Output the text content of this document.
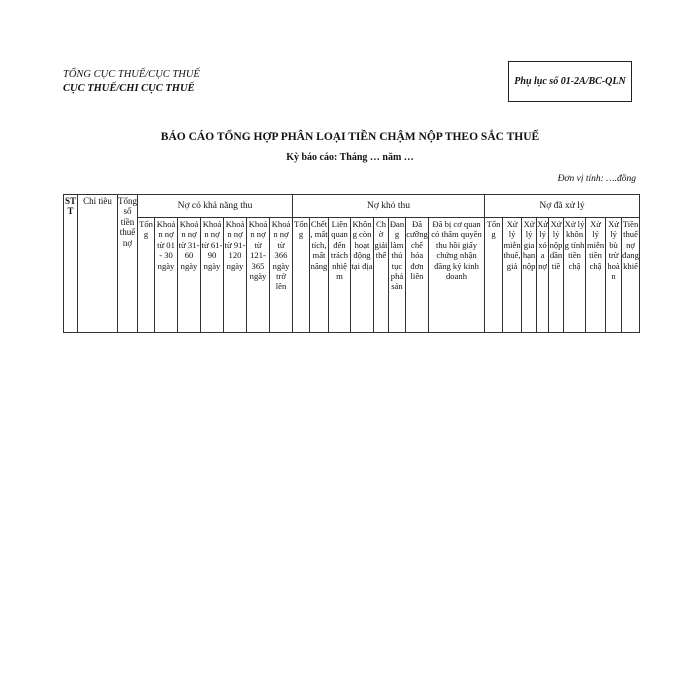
TỔNG CỤC THUẾ/CỤC THUẾ
CỤC THUẾ/CHI CỤC THUẾ
Phụ lục số 01-2A/BC-QLN
BÁO CÁO TỔNG HỢP PHÂN LOẠI TIỀN CHẬM NỘP THEO SẮC THUẾ
Kỳ báo cáo: Tháng … năm …
Đơn vị tính: ….đồng
STT	Chỉ tiêu	Tổng số tiền thuế nợ	Nợ có khả năng thu							Nợ khó thu								Nợ đã xử lý								
			Tổng	Khoản nợ từ 01 - 30 ngày	Khoản nợ từ 31- 60 ngày	Khoản nợ từ 61- 90 ngày	Khoản nợ từ 91- 120 ngày	Khoản nợ từ 121- 365 ngày	Khoản nợ từ 366 ngày trở lên	Tổng	Chết, mất tích, mất năng	Liên quan đến trách nhiệm	Không còn hoạt động tại địa	Chờ giải thể	Đang làm thủ tục phá sản	Đã cưỡng chế hóa đơn liên	Đã bị cơ quan có thẩm quyền thu hồi giấy chứng nhận đăng ký kinh doanh	Tổng	Xử lý miễn thuế, giả	Xử lý gia hạn nộp	Xử lý xóa nợ	Xử lý nộp dần tiề	Xử lý không tính tiền chậ	Xử lý miễn tiền chậ	Xử lý bù trừ hoàn	Tiền thuế nợ đang khiế
